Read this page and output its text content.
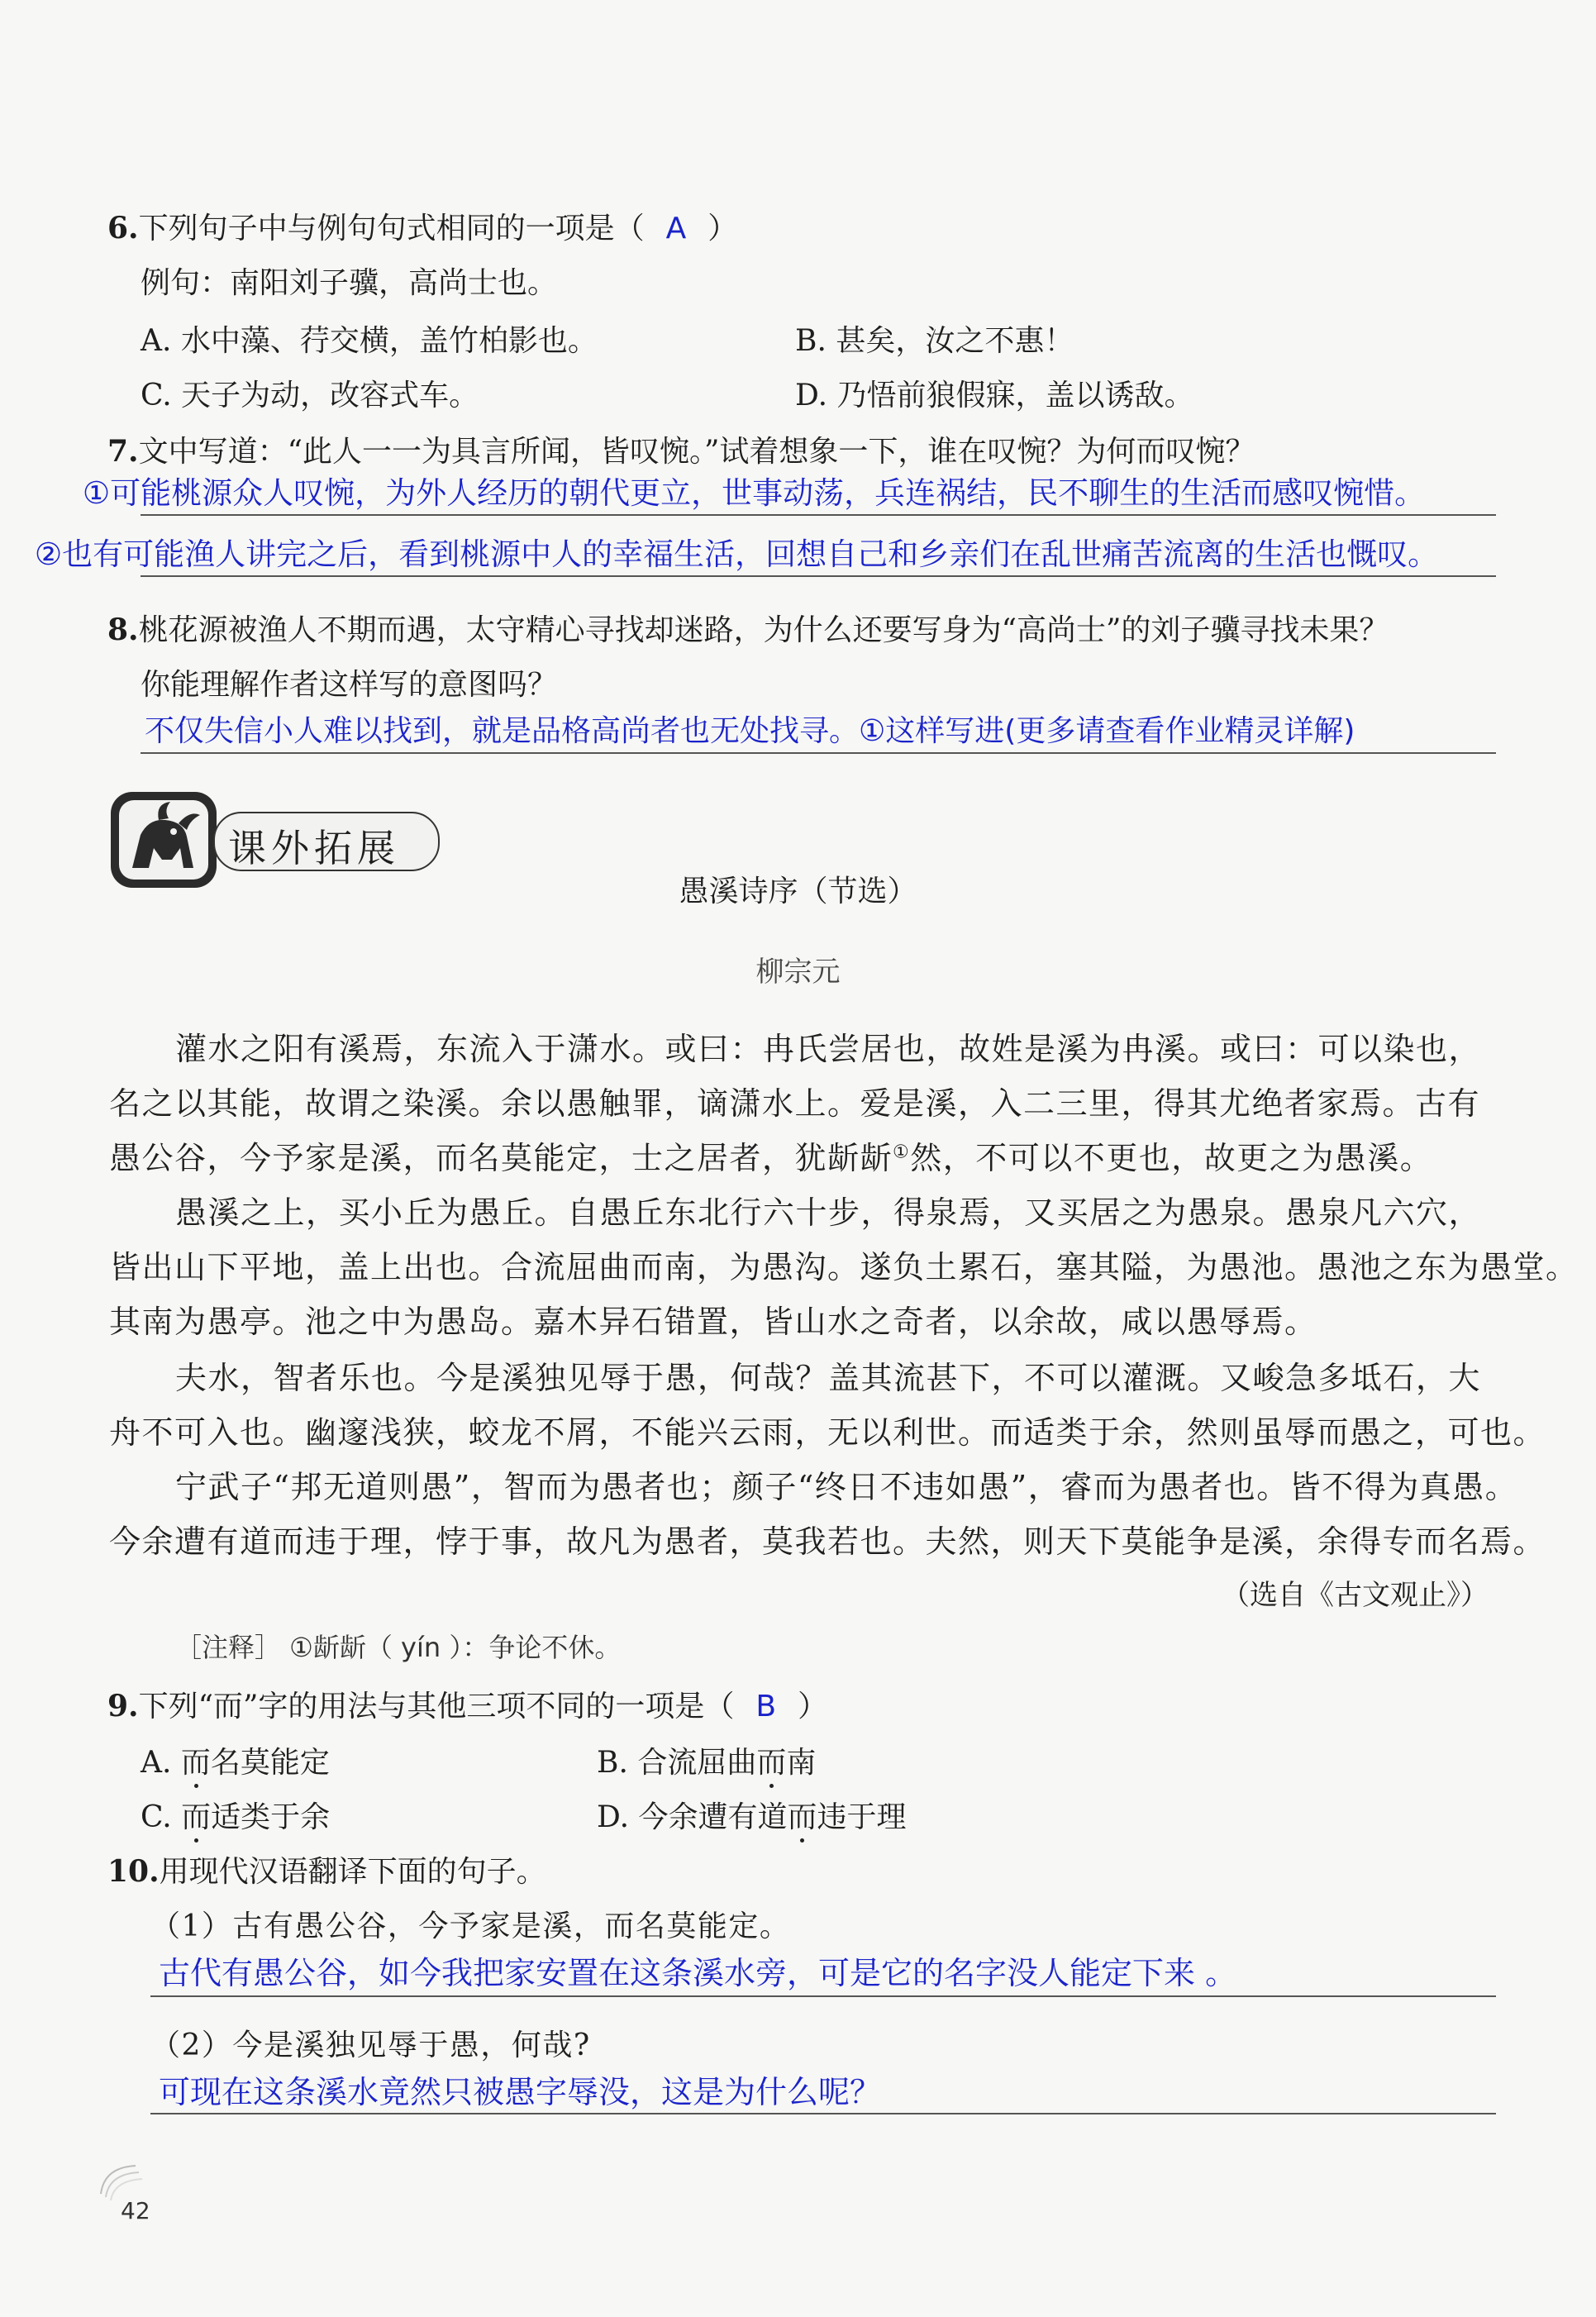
6.下列句子中与例句句式相同的一项是（ A ）
例句：南阳刘子骥，高尚士也。
A. 水中藻、荇交横，盖竹柏影也。	B. 甚矣，汝之不惠！
C. 天子为动，改容式车。	D. 乃悟前狼假寐，盖以诱敌。
7.文中写道：“此人一一为具言所闻，皆叹惋。”试着想象一下，谁在叹惋？为何而叹惋？
①可能桃源众人叹惋，为外人经历的朝代更立，世事动荡，兵连祸结，民不聊生的生活而感叹惋惜。
②也有可能渔人讲完之后，看到桃源中人的幸福生活，回想自己和乡亲们在乱世痛苦流离的生活也慨叹。
8.桃花源被渔人不期而遇，太守精心寻找却迷路，为什么还要写身为“高尚士”的刘子骥寻找未果？
你能理解作者这样写的意图吗？
不仅失信小人难以找到，就是品格高尚者也无处找寻。①这样写进(更多请查看作业精灵详解)
课外拓展
愚溪诗序（节选）
柳宗元
灌水之阳有溪焉，东流入于潇水。或曰：冉氏尝居也，故姓是溪为冉溪。或曰：可以染也，
名之以其能，故谓之染溪。余以愚触罪，谪潇水上。爱是溪，入二三里，得其尤绝者家焉。古有
愚公谷，今予家是溪，而名莫能定，士之居者，犹龂龂①然，不可以不更也，故更之为愚溪。
愚溪之上，买小丘为愚丘。自愚丘东北行六十步，得泉焉，又买居之为愚泉。愚泉凡六穴，
皆出山下平地，盖上出也。合流屈曲而南，为愚沟。遂负土累石，塞其隘，为愚池。愚池之东为愚堂。
其南为愚亭。池之中为愚岛。嘉木异石错置，皆山水之奇者，以余故，咸以愚辱焉。
夫水，智者乐也。今是溪独见辱于愚，何哉？盖其流甚下，不可以灌溉。又峻急多坻石，大
舟不可入也。幽邃浅狭，蛟龙不屑，不能兴云雨，无以利世。而适类于余，然则虽辱而愚之，可也。
宁武子“邦无道则愚”，智而为愚者也；颜子“终日不违如愚”，睿而为愚者也。皆不得为真愚。
今余遭有道而违于理，悖于事，故凡为愚者，莫我若也。夫然，则天下莫能争是溪，余得专而名焉。
（选自《古文观止》）
［注释］ ①龂龂（ yín ）：争论不休。
9.下列“而”字的用法与其他三项不同的一项是（ B ）
A. 而名莫能定	B. 合流屈曲而南
C. 而适类于余	D. 今余遭有道而违于理
10.用现代汉语翻译下面的句子。
（1）古有愚公谷，今予家是溪，而名莫能定。
古代有愚公谷，如今我把家安置在这条溪水旁，可是它的名字没人能定下来 。
（2）今是溪独见辱于愚，何哉?
可现在这条溪水竟然只被愚字辱没，这是为什么呢？
42
